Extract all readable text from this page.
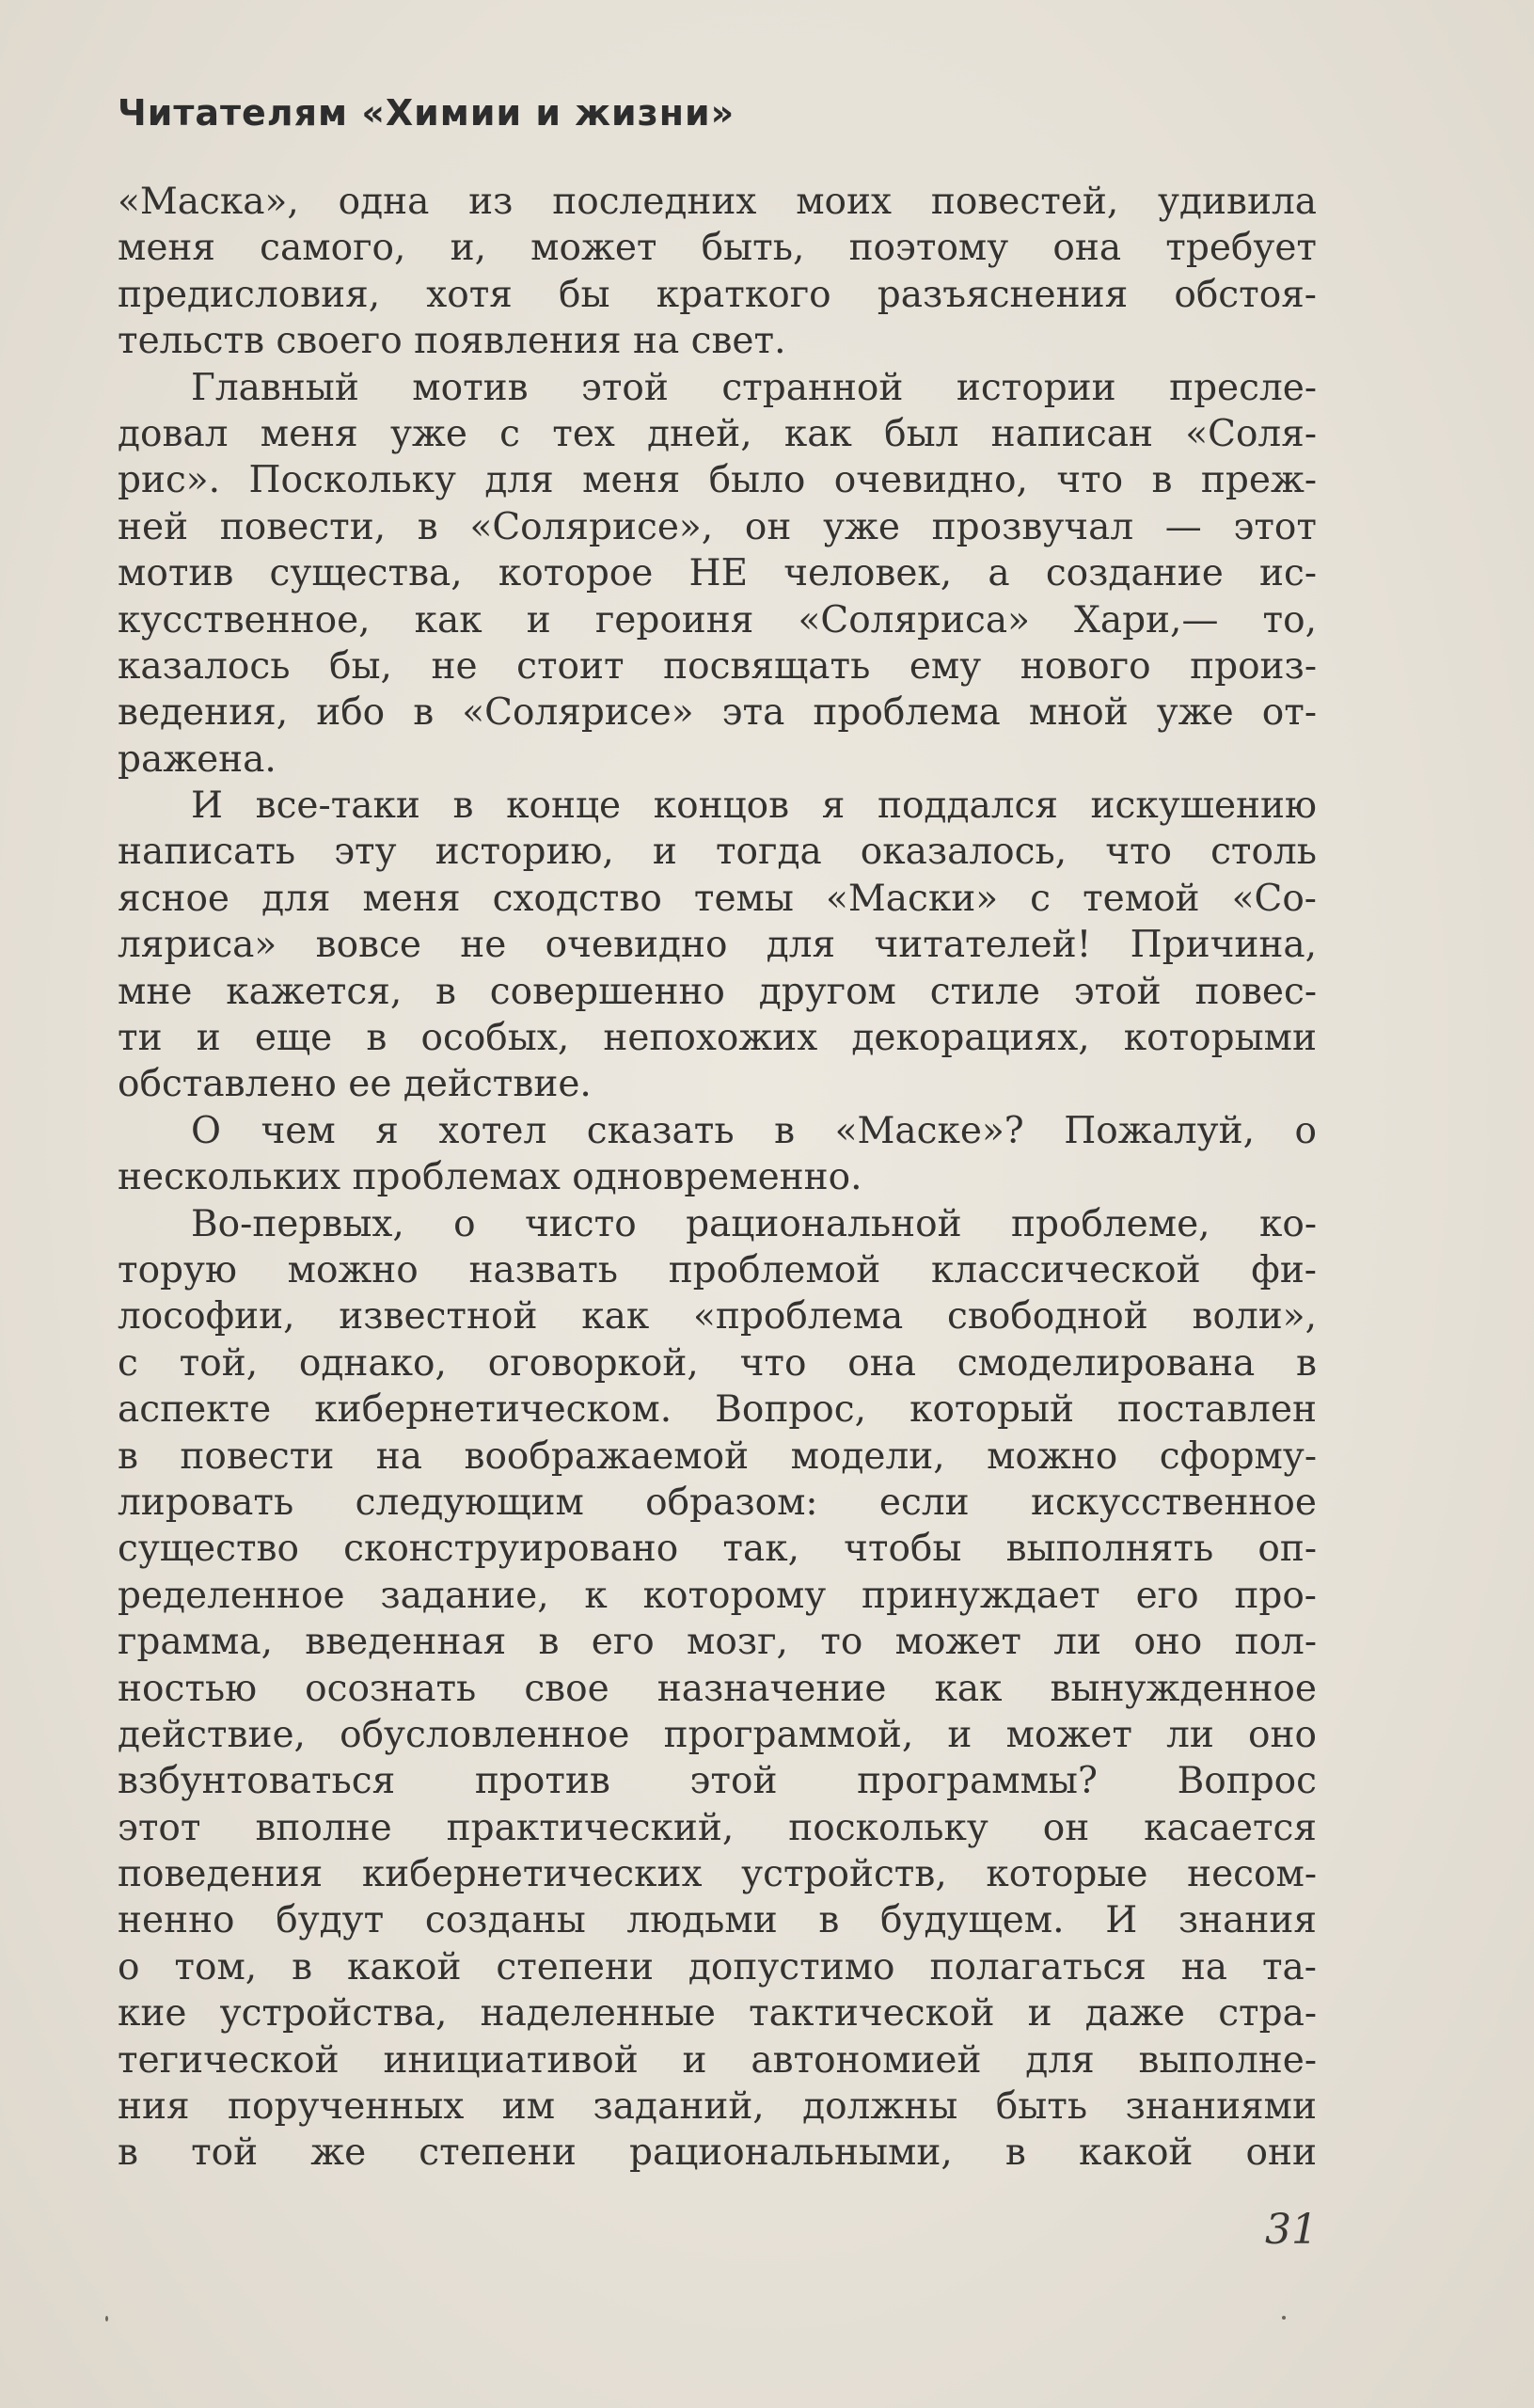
Читателям «Химии и жизни»
«Маска», одна из последних моих повестей, удивила
меня самого, и, может быть, поэтому она требует
предисловия, хотя бы краткого разъяснения обстоя-
тельств своего появления на свет.
Главный мотив этой странной истории пресле-
довал меня уже с тех дней, как был написан «Соля-
рис». Поскольку для меня было очевидно, что в преж-
ней повести, в «Солярисе», он уже прозвучал — этот
мотив существа, которое НЕ человек, а создание ис-
кусственное, как и героиня «Соляриса» Хари,— то,
казалось бы, не стоит посвящать ему нового произ-
ведения, ибо в «Солярисе» эта проблема мной уже от-
ражена.
И все-таки в конце концов я поддался искушению
написать эту историю, и тогда оказалось, что столь
ясное для меня сходство темы «Маски» с темой «Со-
ляриса» вовсе не очевидно для читателей! Причина,
мне кажется, в совершенно другом стиле этой повес-
ти и еще в особых, непохожих декорациях, которыми
обставлено ее действие.
О чем я хотел сказать в «Маске»? Пожалуй, о
нескольких проблемах одновременно.
Во-первых, о чисто рациональной проблеме, ко-
торую можно назвать проблемой классической фи-
лософии, известной как «проблема свободной воли»,
с той, однако, оговоркой, что она смоделирована в
аспекте кибернетическом. Вопрос, который поставлен
в повести на воображаемой модели, можно сформу-
лировать следующим образом: если искусственное
существо сконструировано так, чтобы выполнять оп-
ределенное задание, к которому принуждает его про-
грамма, введенная в его мозг, то может ли оно пол-
ностью осознать свое назначение как вынужденное
действие, обусловленное программой, и может ли оно
взбунтоваться против этой программы? Вопрос
этот вполне практический, поскольку он касается
поведения кибернетических устройств, которые несом-
ненно будут созданы людьми в будущем. И знания
о том, в какой степени допустимо полагаться на та-
кие устройства, наделенные тактической и даже стра-
тегической инициативой и автономией для выполне-
ния порученных им заданий, должны быть знаниями
в той же степени рациональными, в какой они
31
